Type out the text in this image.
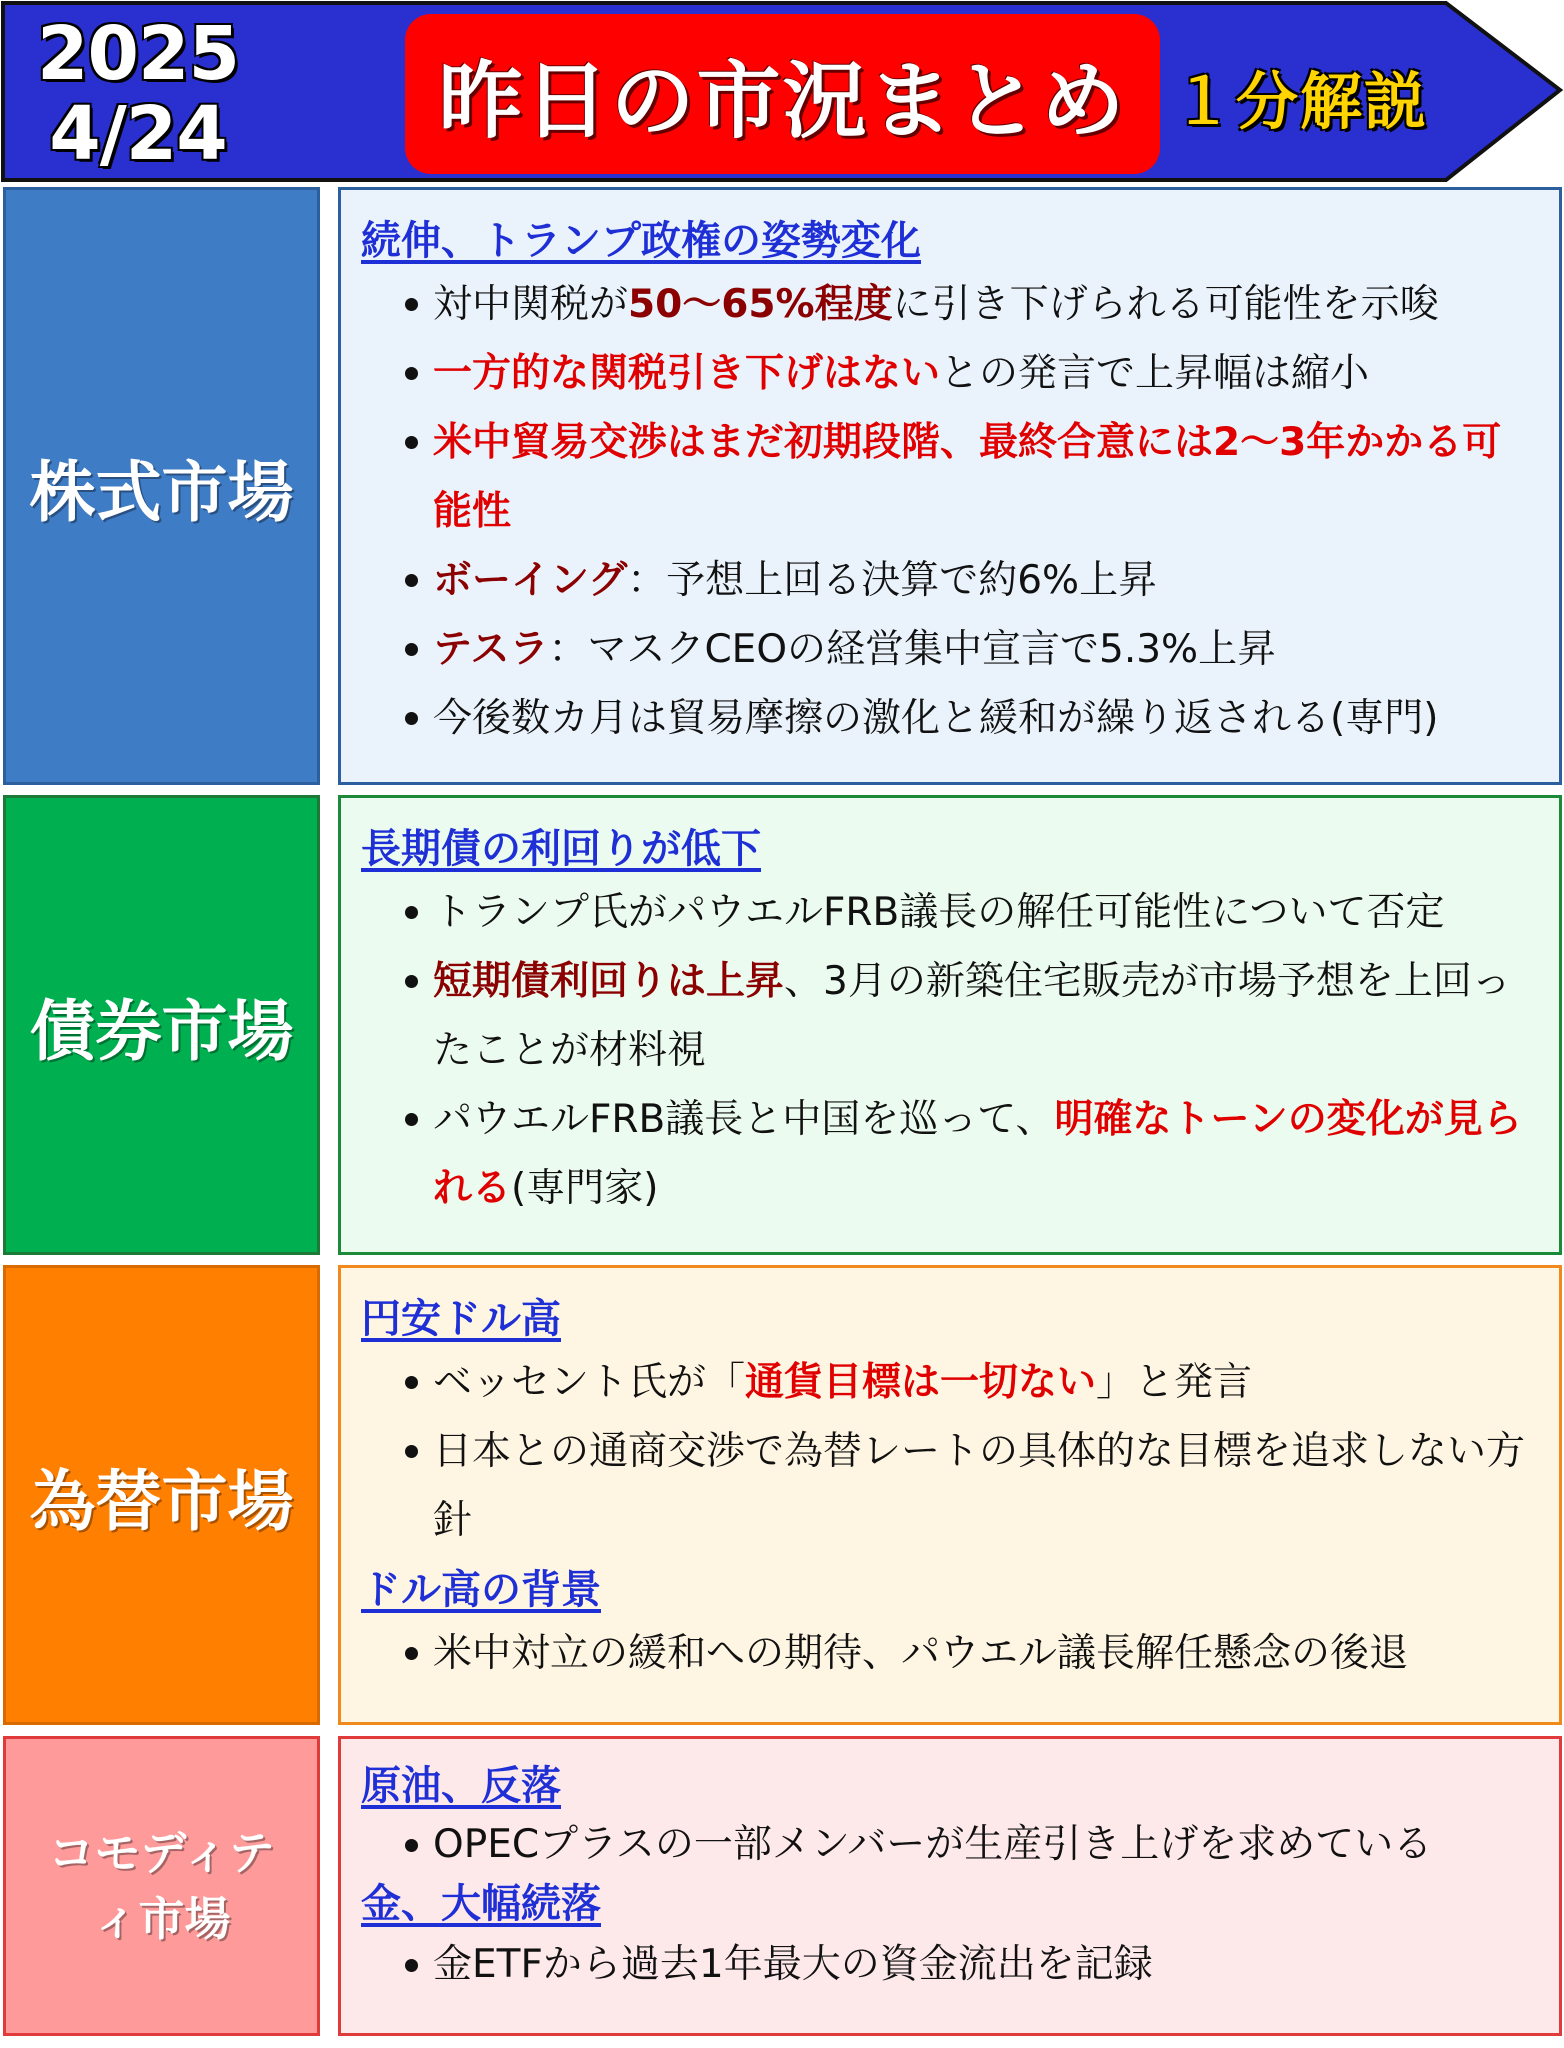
2025
4/24	昨日の市況まとめ １分解説
株式市場
続伸、トランプ政権の姿勢変化
対中関税が50〜65%程度に引き下げられる可能性を示唆
一方的な関税引き下げはないとの発言で上昇幅は縮小
米中貿易交渉はまだ初期段階、最終合意には2〜3年かかる可能性
ボーイング：予想上回る決算で約6%上昇
テスラ：マスクCEOの経営集中宣言で5.3%上昇
今後数カ月は貿易摩擦の激化と緩和が繰り返される(専門)
債券市場
長期債の利回りが低下
トランプ氏がパウエルFRB議長の解任可能性について否定
短期債利回りは上昇、3月の新築住宅販売が市場予想を上回ったことが材料視
パウエルFRB議長と中国を巡って、明確なトーンの変化が見られる(専門家)
為替市場
円安ドル高
ベッセント氏が「通貨目標は一切ない」と発言
日本との通商交渉で為替レートの具体的な目標を追求しない方針
ドル高の背景
米中対立の緩和への期待、パウエル議長解任懸念の後退
コモディティ市場
原油、反落
OPECプラスの一部メンバーが生産引き上げを求めている
金、大幅続落
金ETFから過去1年最大の資金流出を記録
